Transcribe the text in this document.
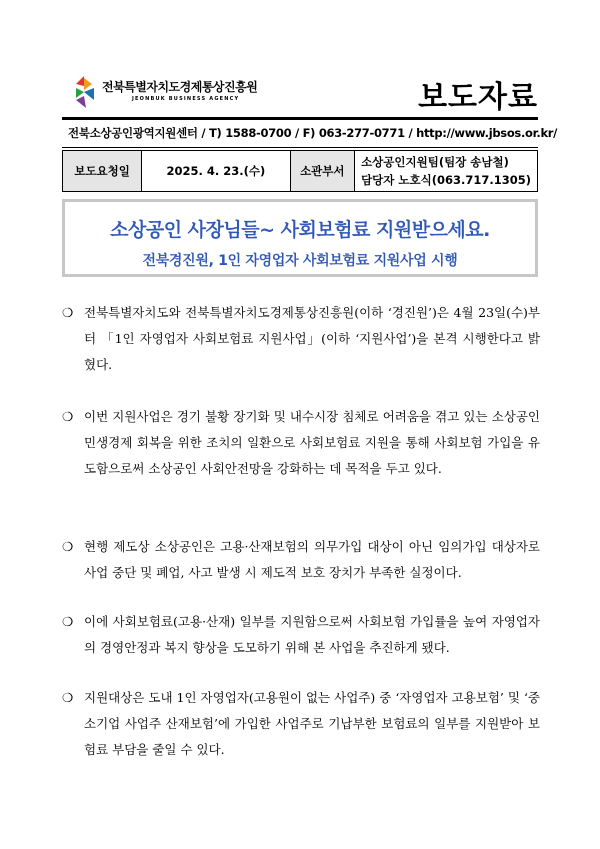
전북특별자치도경제통상진흥원
JEONBUK BUSINESS AGENCY	보도자료
전북소상공인광역지원센터 / T) 1588-0700 / F) 063-277-0771 / http://www.jbsos.or.kr/
보도요청일	2025. 4. 23.(수)	소관부서	
소상공인지원팀(팀장 송남철)
담당자 노호식(063.717.1305)
소상공인 사장님들~ 사회보험료 지원받으세요.
전북경진원, 1인 자영업자 사회보험료 지원사업 시행
❍ 전북특별자치도와 전북특별자치도경제통상진흥원(이하 ‘경진원’)은 4월 23일(수)부터 「1인 자영업자 사회보험료 지원사업」(이하 ‘지원사업’)을 본격 시행한다고 밝혔다.
❍ 이번 지원사업은 경기 불황 장기화 및 내수시장 침체로 어려움을 겪고 있는 소상공인 민생경제 회복을 위한 조치의 일환으로 사회보험료 지원을 통해 사회보험 가입을 유도함으로써 소상공인 사회안전망을 강화하는 데 목적을 두고 있다.
❍ 현행 제도상 소상공인은 고용·산재보험의 의무가입 대상이 아닌 임의가입 대상자로 사업 중단 및 폐업, 사고 발생 시 제도적 보호 장치가 부족한 실정이다.
❍ 이에 사회보험료(고용·산재) 일부를 지원함으로써 사회보험 가입률을 높여 자영업자의 경영안정과 복지 향상을 도모하기 위해 본 사업을 추진하게 됐다.
❍ 지원대상은 도내 1인 자영업자(고용원이 없는 사업주) 중 ‘자영업자 고용보험’ 및 ‘중소기업 사업주 산재보험’에 가입한 사업주로 기납부한 보험료의 일부를 지원받아 보험료 부담을 줄일 수 있다.
